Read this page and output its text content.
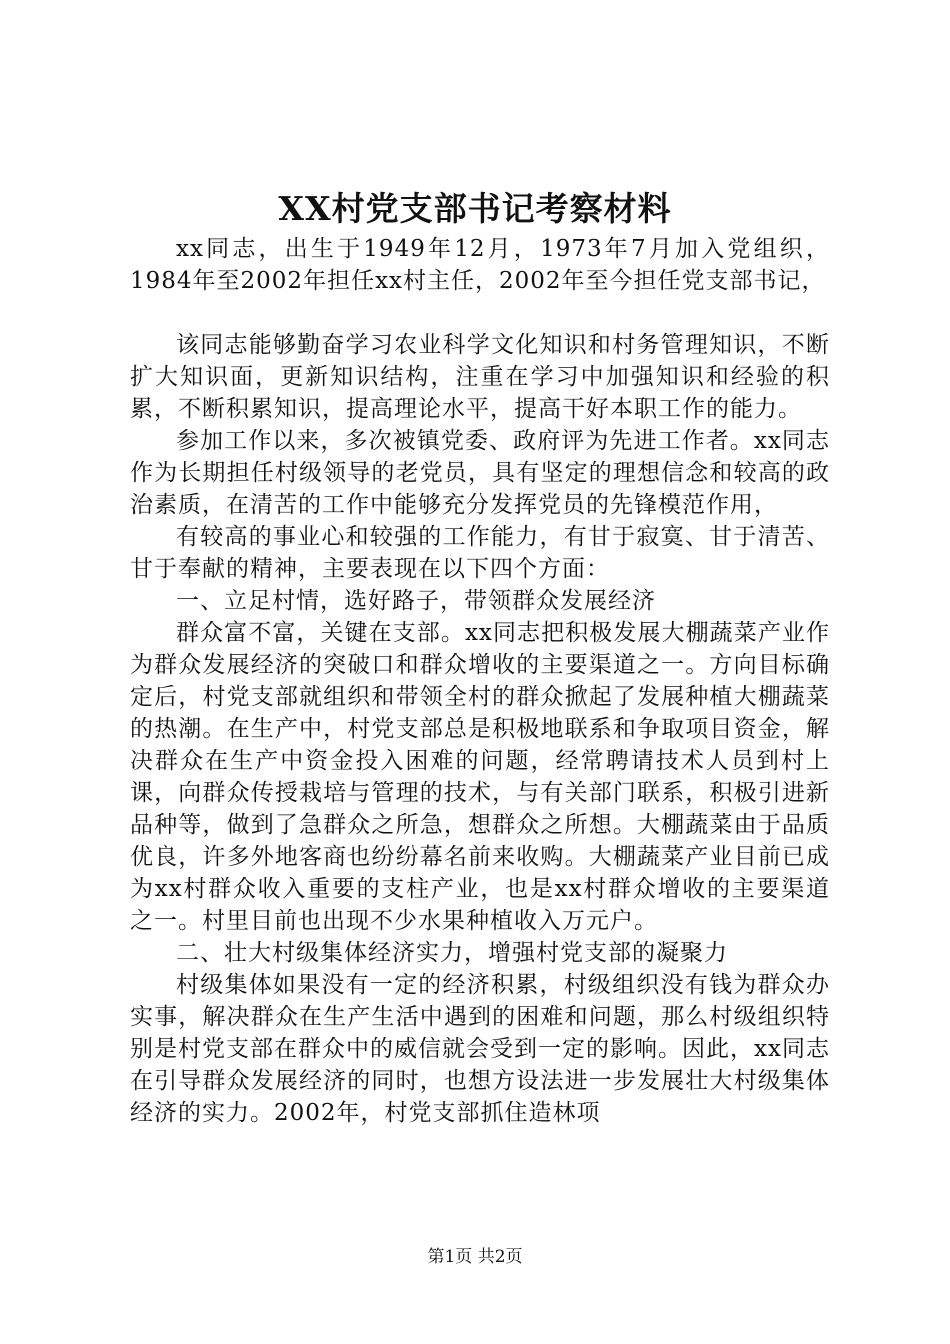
XX村党支部书记考察材料

xx同志，出生于1949年12月，1973年7月加入党组织，1984年至2002年担任xx村主任，2002年至今担任党支部书记，

该同志能够勤奋学习农业科学文化知识和村务管理知识，不断扩大知识面，更新知识结构，注重在学习中加强知识和经验的积累，不断积累知识，提高理论水平，提高干好本职工作的能力。

参加工作以来，多次被镇党委、政府评为先进工作者。xx同志作为长期担任村级领导的老党员，具有坚定的理想信念和较高的政治素质，在清苦的工作中能够充分发挥党员的先锋模范作用，

有较高的事业心和较强的工作能力，有甘于寂寞、甘于清苦、甘于奉献的精神，主要表现在以下四个方面：

一、立足村情，选好路子，带领群众发展经济

群众富不富，关键在支部。xx同志把积极发展大棚蔬菜产业作为群众发展经济的突破口和群众增收的主要渠道之一。方向目标确定后，村党支部就组织和带领全村的群众掀起了发展种植大棚蔬菜的热潮。在生产中，村党支部总是积极地联系和争取项目资金，解决群众在生产中资金投入困难的问题，经常聘请技术人员到村上课，向群众传授栽培与管理的技术，与有关部门联系，积极引进新品种等，做到了急群众之所急，想群众之所想。大棚蔬菜由于品质优良，许多外地客商也纷纷幕名前来收购。大棚蔬菜产业目前已成为xx村群众收入重要的支柱产业，也是xx村群众增收的主要渠道之一。村里目前也出现不少水果种植收入万元户。

二、壮大村级集体经济实力，增强村党支部的凝聚力

村级集体如果没有一定的经济积累，村级组织没有钱为群众办实事，解决群众在生产生活中遇到的困难和问题，那么村级组织特别是村党支部在群众中的威信就会受到一定的影响。因此，xx同志在引导群众发展经济的同时，也想方设法进一步发展壮大村级集体经济的实力。2002年，村党支部抓住造林项

第1页 共2页
